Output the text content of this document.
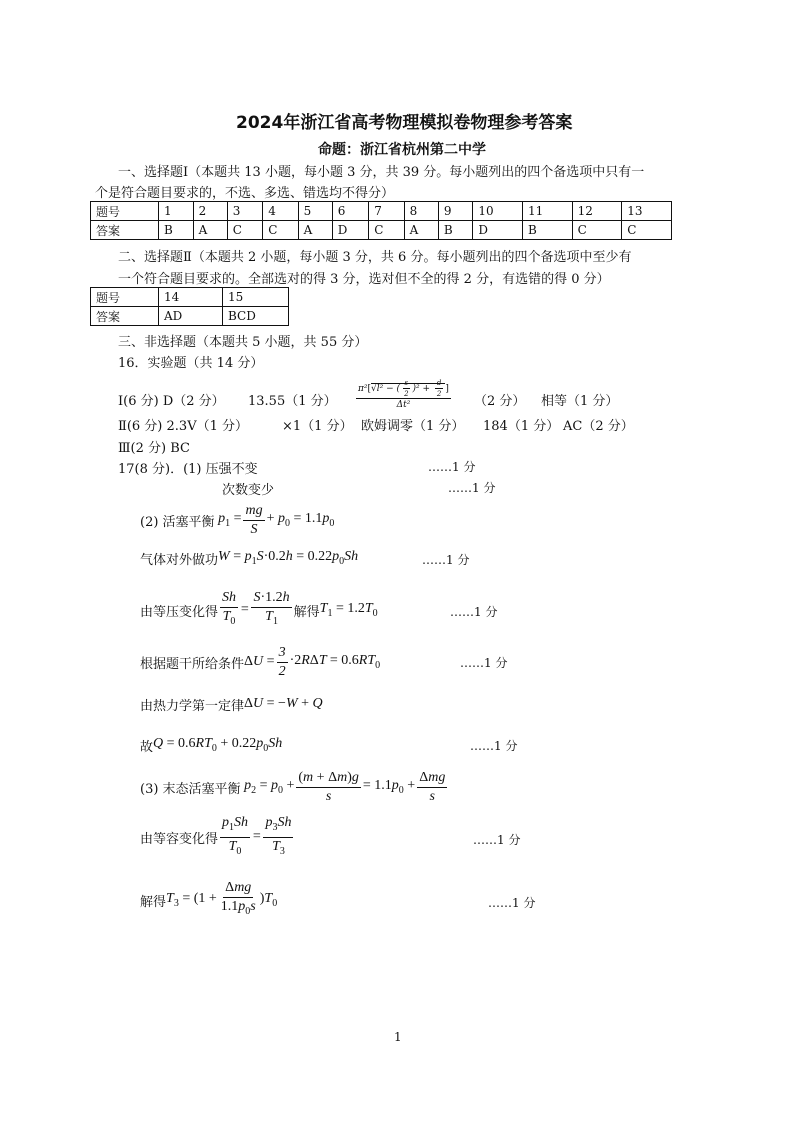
2024年浙江省高考物理模拟卷物理参考答案
命题：浙江省杭州第二中学
一、选择题Ⅰ（本题共 13 小题，每小题 3 分，共 39 分。每小题列出的四个备选项中只有一
个是符合题目要求的，不选、多选、错选均不得分）
题号	1	2	3	4	5	6	7	8	9	10	11	12	13
答案	B	A	C	C	A	D	C	A	B	D	B	C	C
二、选择题Ⅱ（本题共 2 小题，每小题 3 分，共 6 分。每小题列出的四个备选项中至少有
一个符合题目要求的。全部选对的得 3 分，选对但不全的得 2 分，有选错的得 0 分）
题号	14	15
答案	AD	BCD
三、非选择题（本题共 5 小题，共 55 分）
16．实验题（共 14 分）
Ⅰ(6 分) D（2 分） 13.55（1 分） $\frac{\pi^2[√l^2 - ( \frac{s}{2} )^2 + \frac{d}{2} ]}{\text{Δt²}} (2$ 分） 相等（1 分）
Ⅱ(6 分) 2.3V（1 分）	×1（1 分） 欧姆调零（1 分） 184（1 分） AC（2 分）
Ⅲ(2 分) BC
17(8 分)．(1) 压强不变	……1 分
次数变少	……1 分
(2) 活塞平衡 $p_1 = \frac{mg}{S} + p_0 = 1.1p_0$
气体对外做功 $W = p_1S\cdot 0.2h = 0.22p_0Sh$	……1 分
由等压变化得 $\frac{Sh}{T_0} = \frac{S\cdot 1.2h}{T_1}$ 解得 $T_1 = 1.2T_0$	……1 分
根据题干所给条件 $\Delta U = \frac{3}{2} \cdot 2R\Delta T = 0.6RT_0$	……1 分
由热力学第一定律 ΔU = −W + Q
故 $Q = 0.6RT_0 + 0.22p_0Sh$	……1 分
(3) 末态活塞平衡 $p_2 = p_0 + \frac{(m + \Delta m)g}{s} = 1.1p_0 + \frac{\text{Δmg}}{s}$
由等容变化得 $\frac{p_1Sh}{T_0} = \frac{p_3Sh}{T_3}$	……1 分
解得 $T_3 = (1 + \frac{\text{Δmg}}{1.1p_0s} )T_0$	……1 分
1
